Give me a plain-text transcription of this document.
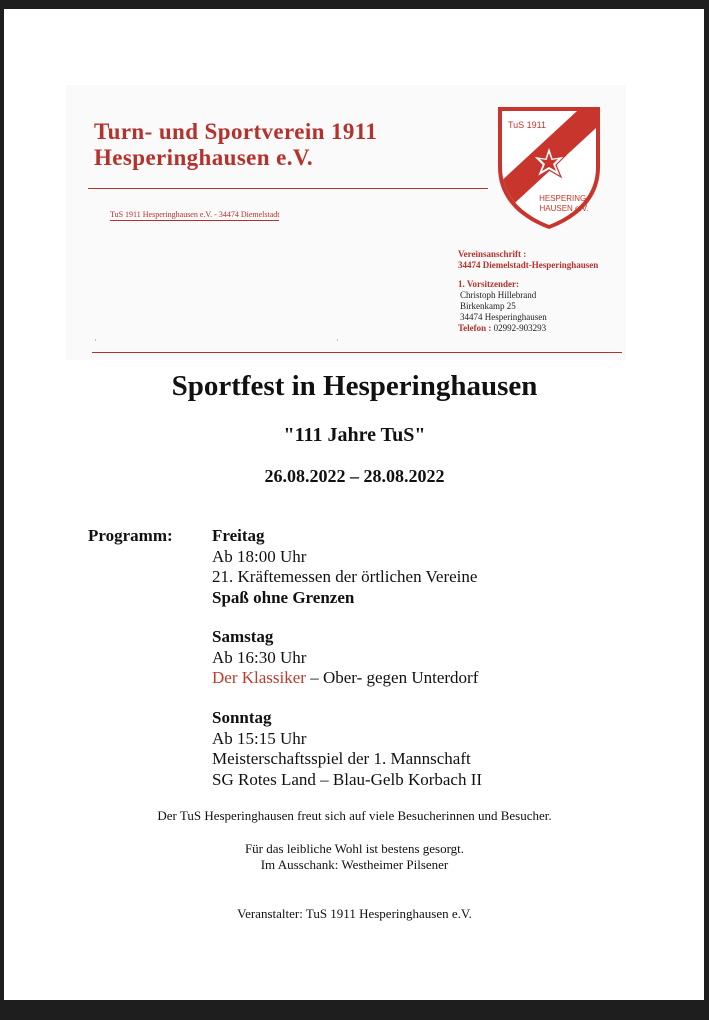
Turn- und Sportverein 1911
Hesperinghausen e.V.
TuS 1911 Hesperinghausen e.V. - 34474 Diemelstadt
TuS 1911
HESPERING-
HAUSEN e.V.
Vereinsanschrift :
34474 Diemelstadt-Hesperinghausen
1. Vorsitzender:
Christoph Hillebrand
Birkenkamp 25
34474 Hesperinghausen
Telefon : 02992-903293
·	·
Sportfest in Hesperinghausen
"111 Jahre TuS"
26.08.2022 – 28.08.2022
Programm: Freitag
Ab 18:00 Uhr
21. Kräftemessen der örtlichen Vereine
Spaß ohne Grenzen
Samstag
Ab 16:30 Uhr
Der Klassiker – Ober- gegen Unterdorf
Sonntag
Ab 15:15 Uhr
Meisterschaftsspiel der 1. Mannschaft
SG Rotes Land – Blau-Gelb Korbach II
Der TuS Hesperinghausen freut sich auf viele Besucherinnen und Besucher.
Für das leibliche Wohl ist bestens gesorgt.
Im Ausschank: Westheimer Pilsener
Veranstalter: TuS 1911 Hesperinghausen e.V.
